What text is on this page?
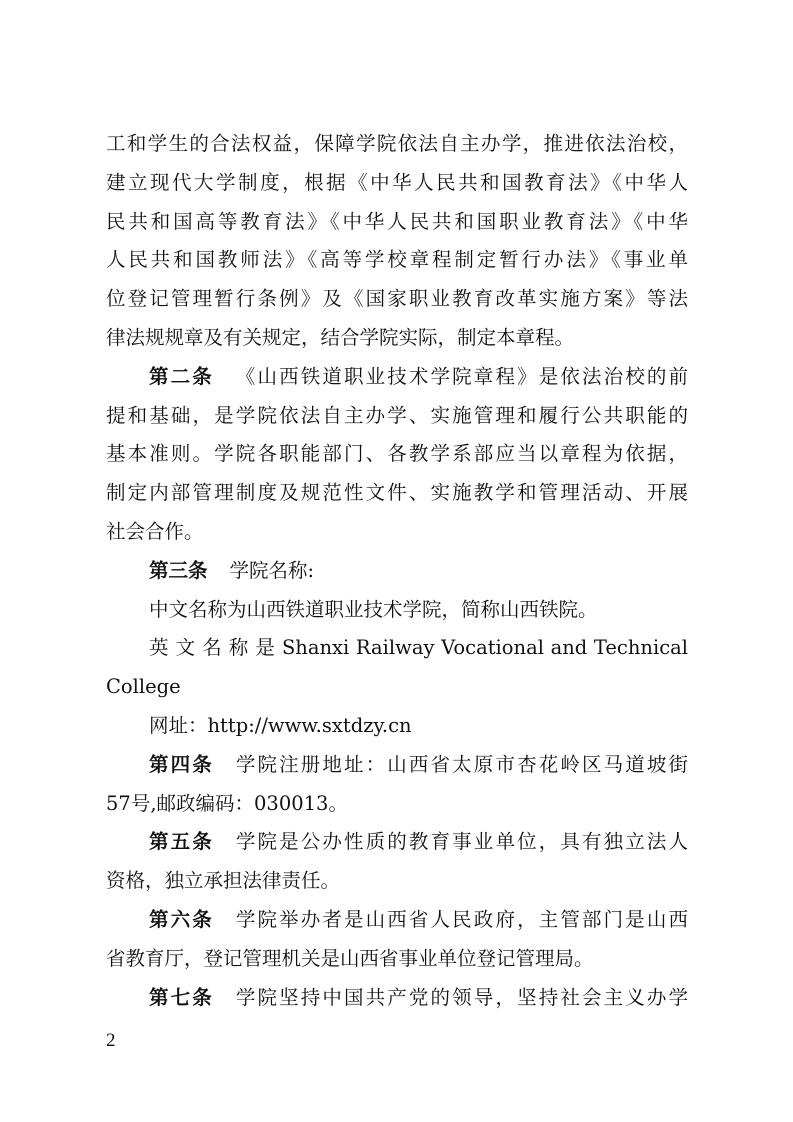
工和学生的合法权益，保障学院依法自主办学，推进依法治校，
建立现代大学制度，根据《中华人民共和国教育法》《中华人
民共和国高等教育法》《中华人民共和国职业教育法》《中华
人民共和国教师法》《高等学校章程制定暂行办法》《事业单
位登记管理暂行条例》及《国家职业教育改革实施方案》等法
律法规规章及有关规定，结合学院实际，制定本章程。
第二条 《山西铁道职业技术学院章程》是依法治校的前
提和基础，是学院依法自主办学、实施管理和履行公共职能的
基本准则。学院各职能部门、各教学系部应当以章程为依据，
制定内部管理制度及规范性文件、实施教学和管理活动、开展
社会合作。
第三条 学院名称:
中文名称为山西铁道职业技术学院，简称山西铁院。
英 文 名 称 是 Shanxi Railway Vocational and Technical
College
网址：http://www.sxtdzy.cn
第四条 学院注册地址：山西省太原市杏花岭区马道坡街
57号,邮政编码：030013。
第五条 学院是公办性质的教育事业单位，具有独立法人
资格，独立承担法律责任。
第六条 学院举办者是山西省人民政府，主管部门是山西
省教育厅，登记管理机关是山西省事业单位登记管理局。
第七条 学院坚持中国共产党的领导，坚持社会主义办学
2
